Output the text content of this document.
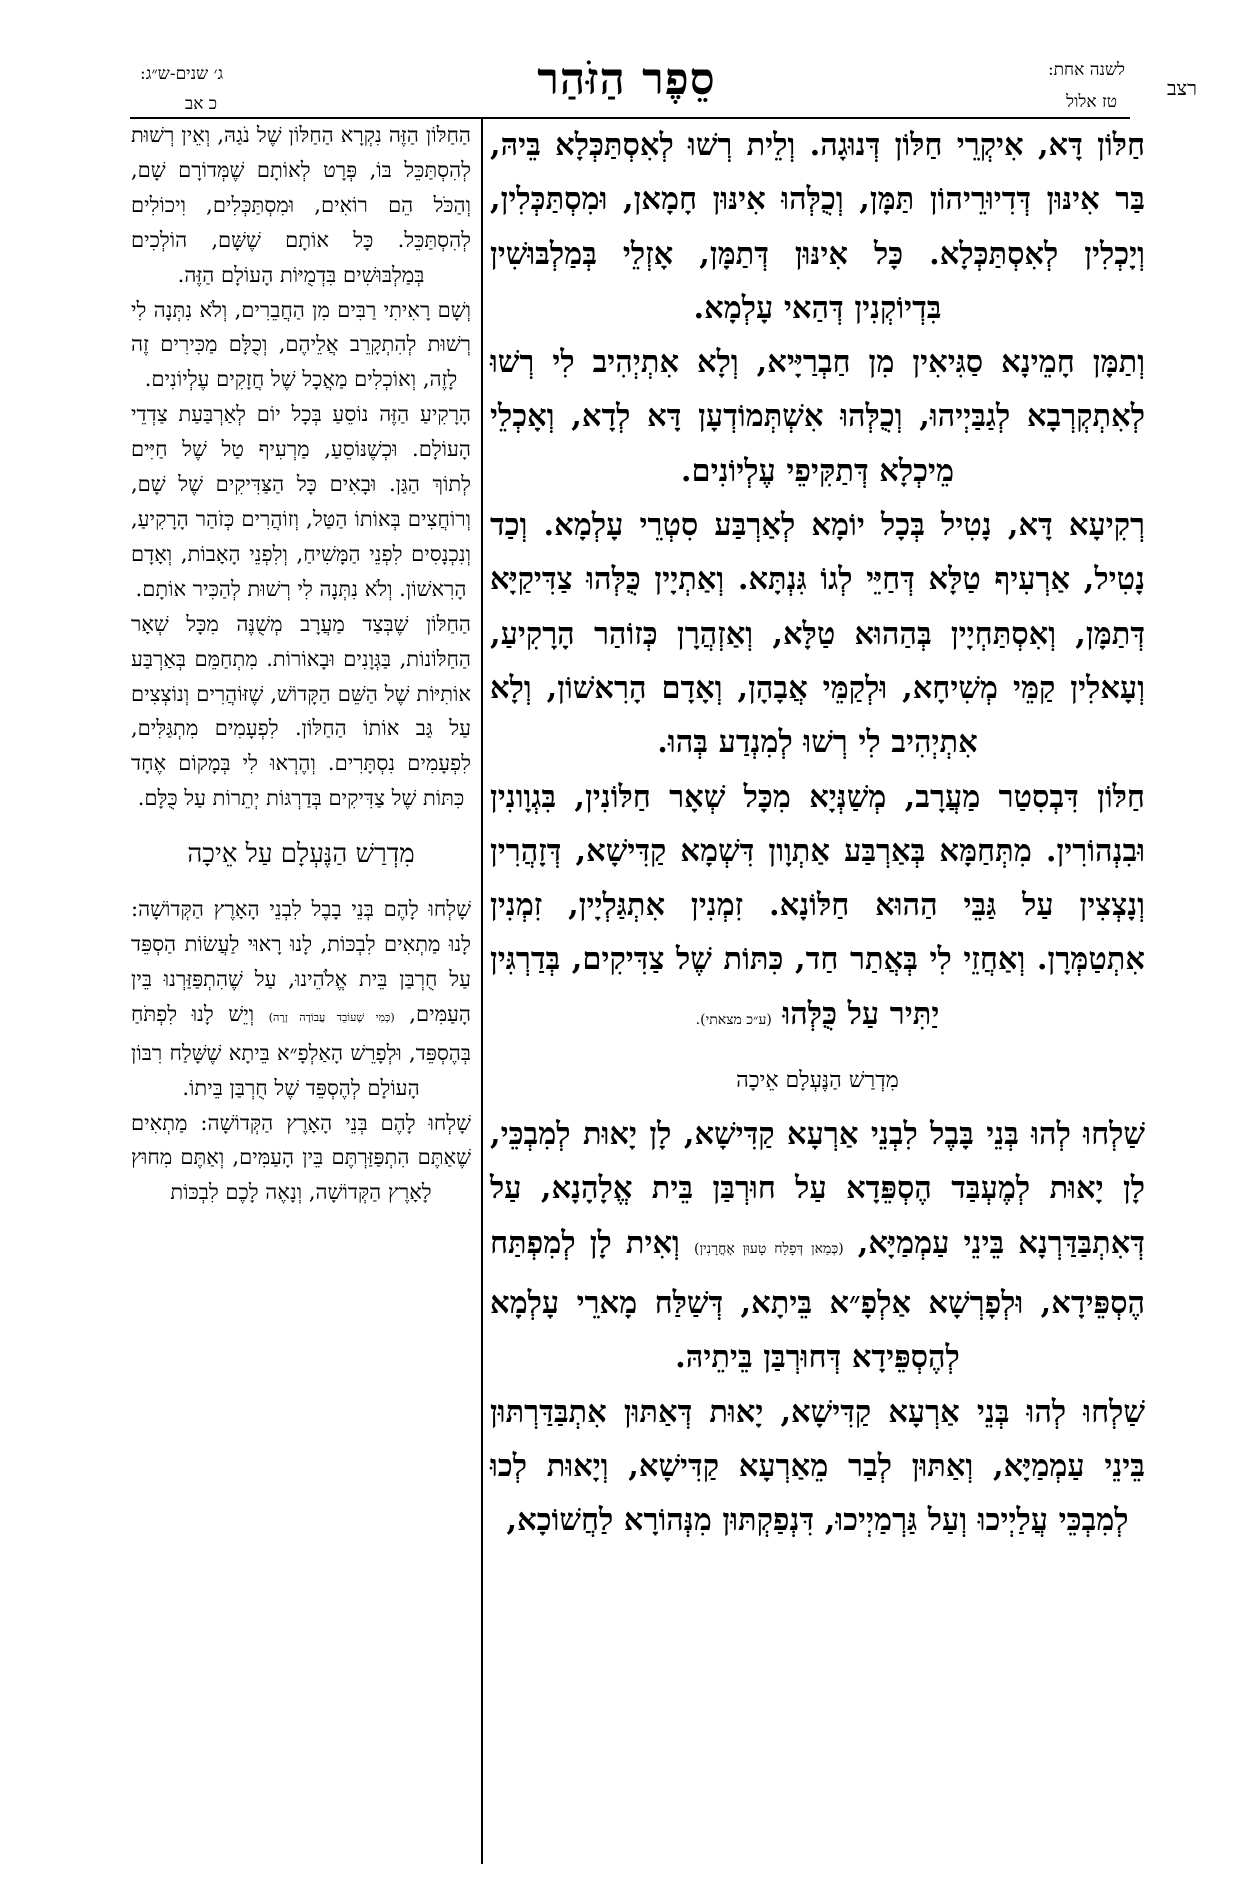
רצב
לשנה אחת:
טז אלול
סֵפֶר הַזֹּהַר
ג׳ שנים-ש״ג:
כ אב

חַלּוֹן דָּא, אִיקְרֵי חַלּוֹן דְּנוּגָה. וְלֵית רְשׁוּ לְאִסְתַּכְּלָא בֵּיהּ, בַּר אִינּוּן דְּדִיוּרֵיהוֹן תַּמָּן, וְכֻלְּהוּ אִינּוּן חָמָאן, וּמִסְתַּכְּלִין, וְיָכְלִין לְאִסְתַּכְּלָא. כָּל אִינּוּן דְּתַמָּן, אָזְלֵי בְּמַלְבּוּשִׁין בִּדְיוֹקְנִין דְּהַאי עָלְמָא.

וְתַמָּן חָמֵינָא סַגִּיאִין מִן חַבְרַיָּיא, וְלָא אִתְיְהִיב לִי רְשׁוּ לְאִתְקְרְבָא לְגַבַּיְיהוּ, וְכֻלְּהוּ אִשְׁתְּמוֹדְעָן דָּא לְדָא, וְאָכְלֵי מֵיכְלָא דְּתַקִּיפֵי עֶלְיוֹנִים.

רְקִיעָא דָּא, נָטִיל בְּכָל יוֹמָא לְאַרְבַּע סִטְרֵי עָלְמָא. וְכַד נָטִיל, אַרְעִיף טַלָּא דְּחַיֵּי לְגוֹ גִּנְתָּא. וְאַתְיָין כֻּלְּהוּ צַדִּיקַיָּא דְּתַמָּן, וְאִסְתַּחְיָין בְּהַהוּא טַלָּא, וְאַזְהֲרָן כְּזוֹהַר הָרָקִיעַ, וְעָאלִין קַמֵּי מְשִׁיחָא, וּלְקַמֵּי אֲבָהָן, וְאָדָם הָרִאשׁוֹן, וְלָא אִתְיְהִיב לִי רְשׁוּ לְמִנְדַע בְּהוּ.

חַלּוֹן דִּבְסִטַר מַעֲרָב, מְשַׁנְּיָא מִכָּל שְׁאָר חַלּוֹנִין, בִּגְוָונִין וּבִנְהוֹרִין. מִתְּחַמָּא בְּאַרְבַּע אַתְוָון דִּשְׁמָא קַדִּישָׁא, דְּזָהֲרִין וְנָצְצִין עַל גַּבֵּי הַהוּא חַלּוֹנָא. זִמְנִין אִתְגַּלְיָין, זִמְנִין אִתְטַמְּרָן. וְאַחֲזֵי לִי בְּאֲתַר חַד, כִּתּוֹת שֶׁל צַדִּיקִים, בְּדַרְגִּין יַתִּיר עַל כֻּלְּהוּ (ע״כ מצאתי).

מִדְרַשׁ הַנֶּעְלָם אֵיכָה

שַׁלְחוּ לְהוּ בְּנֵי בָּבֶל לִבְנֵי אַרְעָא קַדִּישָׁא, לָן יָאוּת לְמִבְכֵּי, לָן יָאוּת לְמֶעְבַּד הֶסְפֵּדָא עַל חוּרְבַּן בֵּית אֱלָהָנָא, עַל דְּאִתְבַּדַּרְנָא בֵּינֵי עַמְמַיָּא, (כְּמַאן דְּפָלַח טָעוּן אָחֳרָנִין) וְאִית לָן לְמִפְתַּח הֶסְפֵּידָא, וּלְפָרְשָׁא אַלְפָ״א בֵּיתָא, דְּשַׁלַּח מָארֵי עָלְמָא לְהֶסְפֵּידָא דְּחוּרְבַּן בֵּיתֵיהּ.

שַׁלְחוּ לְהוּ בְּנֵי אַרְעָא קַדִּישָׁא, יָאוּת דְּאַתּוּן אִתְבַּדַּרְתּוּן בֵּינֵי עַמְמַיָּא, וְאַתּוּן לְבַר מֵאַרְעָא קַדִּישָׁא, וְיָאוּת לְכוּ לְמִבְכֵּי עֲלַיְיכוּ וְעַל גַּרְמַיְיכוּ, דִּנְפַקְתּוּן מִנְּהוֹרָא לַחֲשׁוֹכָא,

הַחַלּוֹן הַזֶּה נִקְרָא הַחַלּוֹן שֶׁל נֹגַהּ, וְאֵין רְשׁוּת לְהִסְתַּכֵּל בּוֹ, פְּרָט לְאוֹתָם שֶׁמְּדוֹרָם שָׁם, וְהַכֹּל הֵם רוֹאִים, וּמִסְתַּכְּלִים, וִיכוֹלִים לְהִסְתַּכֵּל. כָּל אוֹתָם שֶׁשָּׁם, הוֹלְכִים בְּמַלְבּוּשִׁים בִּדְמֻיּוֹת הָעוֹלָם הַזֶּה.

וְשָׁם רָאִיתִי רַבִּים מִן הַחֲבֵרִים, וְלֹא נִתְּנָה לִי רְשׁוּת לְהִתְקָרֵב אֲלֵיהֶם, וְכֻלָּם מַכִּירִים זֶה לָזֶה, וְאוֹכְלִים מַאֲכָל שֶׁל חֲזָקִים עֶלְיוֹנִים.

הָרָקִיעַ הַזֶּה נוֹסֵעַ בְּכָל יוֹם לְאַרְבַּעַת צַדְדֵי הָעוֹלָם. וּכְשֶׁנּוֹסֵעַ, מַרְעִיף טַל שֶׁל חַיִּים לְתוֹךְ הַגַּן. וּבָאִים כָּל הַצַּדִּיקִים שֶׁל שָׁם, וְרוֹחֲצִים בְּאוֹתוֹ הַטַּל, וְזוֹהֲרִים כְּזֹהַר הָרָקִיעַ, וְנִכְנָסִים לִפְנֵי הַמָּשִׁיחַ, וְלִפְנֵי הָאָבוֹת, וְאָדָם הָרִאשׁוֹן. וְלֹא נִתְּנָה לִי רְשׁוּת לְהַכִּיר אוֹתָם.

הַחַלּוֹן שֶׁבְּצַד מַעֲרָב מְשֻׁנֶּה מִכָּל שְׁאָר הַחַלּוֹנוֹת, בַּגְּוָנִים וּבָאוֹרוֹת. מִתְחַמֵּם בְּאַרְבַּע אוֹתִיּוֹת שֶׁל הַשֵּׁם הַקָּדוֹשׁ, שֶׁזּוֹהֲרִים וְנוֹצְצִים עַל גַּב אוֹתוֹ הַחַלּוֹן. לִפְעָמִים מִתְגַּלִּים, לִפְעָמִים נִסְתָּרִים. וְהֶרְאוּ לִי בְּמָקוֹם אֶחָד כִּתּוֹת שֶׁל צַדִּיקִים בְּדַרְגּוֹת יְתֵרוֹת עַל כֻּלָּם.

מִדְרַשׁ הַנֶּעְלָם עַל אֵיכָה

שָׁלְחוּ לָהֶם בְּנֵי בָבֶל לִבְנֵי הָאָרֶץ הַקְּדוֹשָׁה: לָנוּ מַתְאִים לִבְכּוֹת, לָנוּ רָאוּי לַעֲשׂוֹת הַסְפֵּד עַל חֻרְבַּן בֵּית אֱלֹהֵינוּ, עַל שֶׁהִתְפַּזַּרְנוּ בֵּין הָעַמִּים, (כְּמִי שֶׁעוֹבֵד עֲבוֹדָה זָרָה) וְיֵשׁ לָנוּ לִפְתֹּחַ בְּהֶסְפֵּד, וּלְפָרֵשׁ הָאַלְפָ״א בֵּיתָא שֶׁשָּׁלַח רִבּוֹן הָעוֹלָם לְהֶסְפֵּד שֶׁל חֻרְבַּן בֵּיתוֹ.

שָׁלְחוּ לָהֶם בְּנֵי הָאָרֶץ הַקְּדוֹשָׁה: מַתְאִים שֶׁאַתֶּם הִתְפַּזַּרְתֶּם בֵּין הָעַמִּים, וְאַתֶּם מִחוּץ לָאָרֶץ הַקְּדוֹשָׁה, וְנָאֶה לָכֶם לִבְכּוֹת
